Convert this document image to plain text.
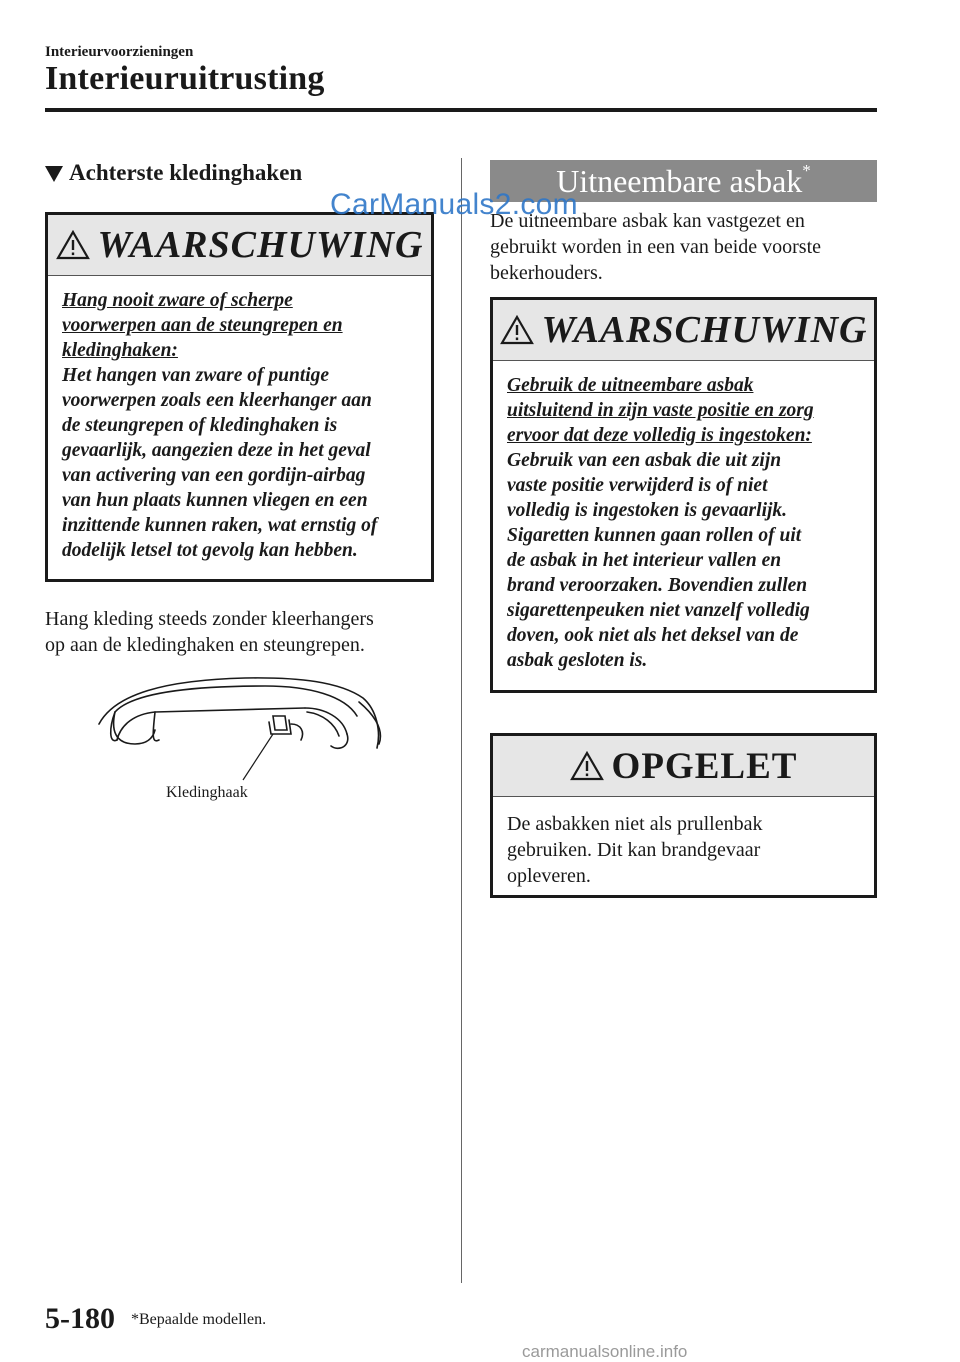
Interieurvoorzieningen
Interieuruitrusting
Achterste kledinghaken
WAARSCHUWING
Hang nooit zware of scherpe
voorwerpen aan de steungrepen en
kledinghaken:
Het hangen van zware of puntige
voorwerpen zoals een kleerhanger aan
de steungrepen of kledinghaken is
gevaarlijk, aangezien deze in het geval
van activering van een gordijn-airbag
van hun plaats kunnen vliegen en een
inzittende kunnen raken, wat ernstig of
dodelijk letsel tot gevolg kan hebben.
Hang kleding steeds zonder kleerhangers
op aan de kledinghaken en steungrepen.
Kledinghaak
Uitneembare asbak*
CarManuals2.com
De uitneembare asbak kan vastgezet en
gebruikt worden in een van beide voorste
bekerhouders.
WAARSCHUWING
Gebruik de uitneembare asbak
uitsluitend in zijn vaste positie en zorg
ervoor dat deze volledig is ingestoken:
Gebruik van een asbak die uit zijn
vaste positie verwijderd is of niet
volledig is ingestoken is gevaarlijk.
Sigaretten kunnen gaan rollen of uit
de asbak in het interieur vallen en
brand veroorzaken. Bovendien zullen
sigarettenpeuken niet vanzelf volledig
doven, ook niet als het deksel van de
asbak gesloten is.
OPGELET
De asbakken niet als prullenbak
gebruiken. Dit kan brandgevaar
opleveren.
5-180 *Bepaalde modellen.
carmanualsonline.info
